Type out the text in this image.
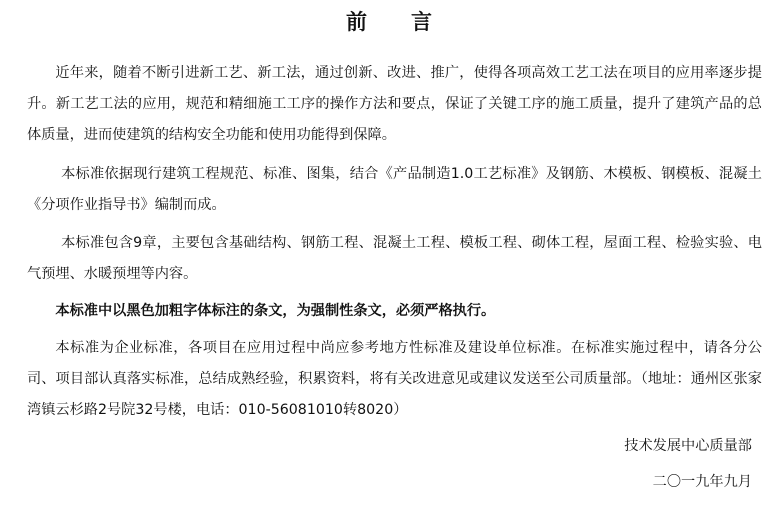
前 言
近年来，随着不断引进新工艺、新工法，通过创新、改进、推广，使得各项高效工艺工法在项目的应用率逐步提升。新工艺工法的应用，规范和精细施工工序的操作方法和要点，保证了关键工序的施工质量，提升了建筑产品的总体质量，进而使建筑的结构安全功能和使用功能得到保障。
本标准依据现行建筑工程规范、标准、图集，结合《产品制造1.0工艺标准》及钢筋、木模板、钢模板、混凝土《分项作业指导书》编制而成。
本标准包含9章，主要包含基础结构、钢筋工程、混凝土工程、模板工程、砌体工程，屋面工程、检验实验、电气预埋、水暖预埋等内容。
本标准中以黑色加粗字体标注的条文，为强制性条文，必须严格执行。
本标准为企业标准，各项目在应用过程中尚应参考地方性标准及建设单位标准。在标准实施过程中，请各分公司、项目部认真落实标准，总结成熟经验，积累资料，将有关改进意见或建议发送至公司质量部。（地址：通州区张家湾镇云杉路2号院32号楼，电话：010-56081010转8020）
技术发展中心质量部
二〇一九年九月
